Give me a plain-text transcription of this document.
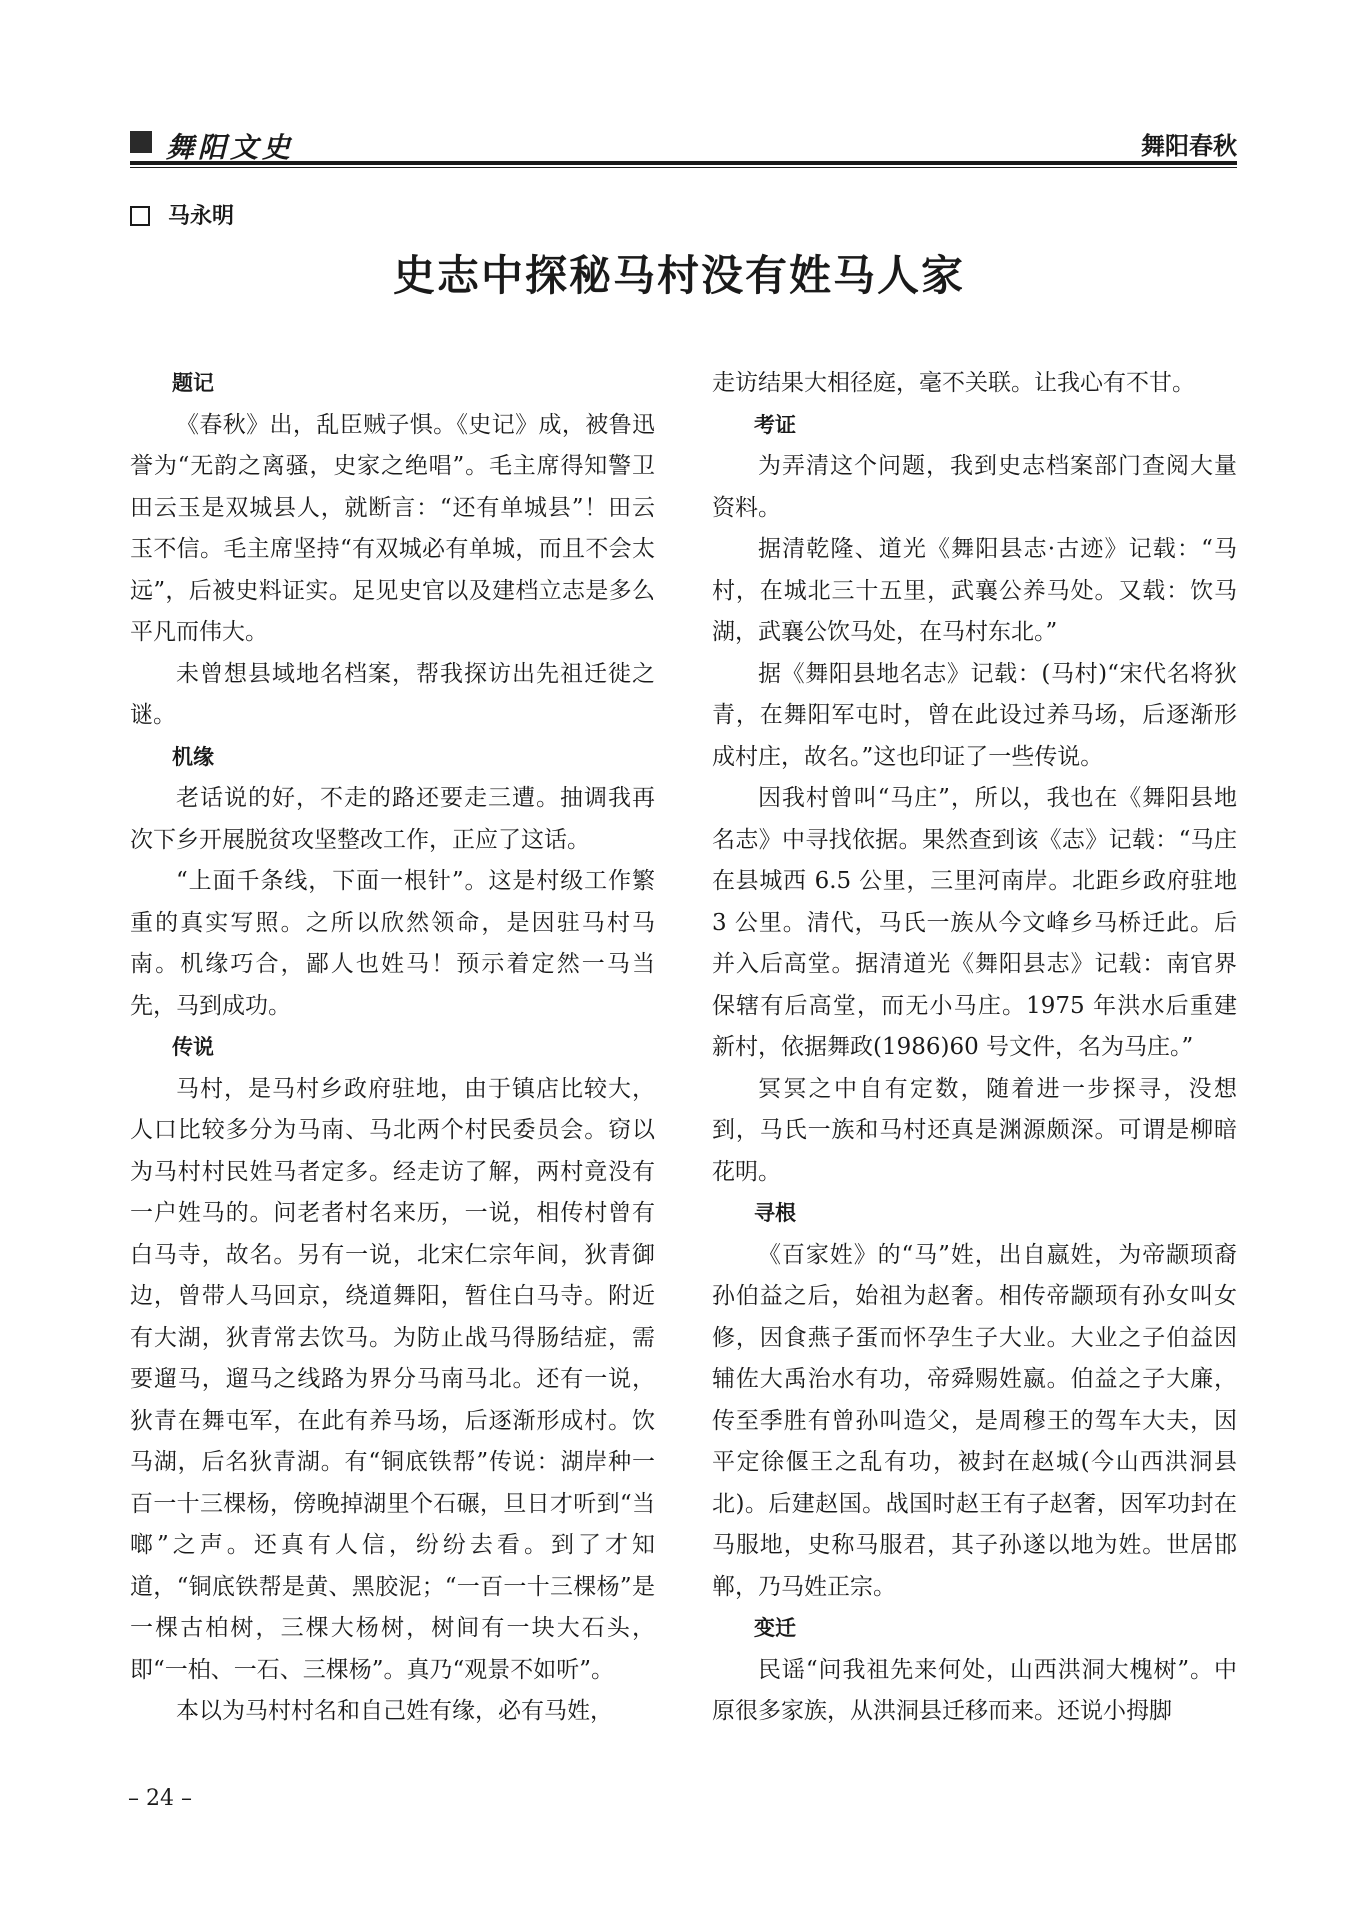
舞阳文史	舞阳春秋
马永明
史志中探秘马村没有姓马人家
题记

《春秋》出，乱臣贼子惧。《史记》成，被鲁迅誉为“无韵之离骚，史家之绝唱”。毛主席得知警卫田云玉是双城县人，就断言：“还有单城县”！田云玉不信。毛主席坚持“有双城必有单城，而且不会太远”，后被史料证实。足见史官以及建档立志是多么平凡而伟大。

未曾想县域地名档案，帮我探访出先祖迁徙之谜。

机缘

老话说的好，不走的路还要走三遭。抽调我再次下乡开展脱贫攻坚整改工作，正应了这话。

“上面千条线，下面一根针”。这是村级工作繁重的真实写照。之所以欣然领命，是因驻马村马南。机缘巧合，鄙人也姓马！预示着定然一马当先，马到成功。

传说

马村，是马村乡政府驻地，由于镇店比较大，人口比较多分为马南、马北两个村民委员会。窃以为马村村民姓马者定多。经走访了解，两村竟没有一户姓马的。问老者村名来历，一说，相传村曾有白马寺，故名。另有一说，北宋仁宗年间，狄青御边，曾带人马回京，绕道舞阳，暂住白马寺。附近有大湖，狄青常去饮马。为防止战马得肠结症，需要遛马，遛马之线路为界分马南马北。还有一说，狄青在舞屯军，在此有养马场，后逐渐形成村。饮马湖，后名狄青湖。有“铜底铁帮”传说：湖岸种一百一十三棵杨，傍晚掉湖里个石碾，旦日才听到“当啷”之声。还真有人信，纷纷去看。到了才知道，“铜底铁帮是黄、黑胶泥；“一百一十三棵杨”是一棵古柏树，三棵大杨树，树间有一块大石头，即“一柏、一石、三棵杨”。真乃“观景不如听”。

本以为马村村名和自己姓有缘，必有马姓，

走访结果大相径庭，毫不关联。让我心有不甘。

考证

为弄清这个问题，我到史志档案部门查阅大量资料。

据清乾隆、道光《舞阳县志·古迹》记载：“马村，在城北三十五里，武襄公养马处。又载：饮马湖，武襄公饮马处，在马村东北。”

据《舞阳县地名志》记载：(马村)“宋代名将狄青，在舞阳军屯时，曾在此设过养马场，后逐渐形成村庄，故名。”这也印证了一些传说。

因我村曾叫“马庄”，所以，我也在《舞阳县地名志》中寻找依据。果然查到该《志》记载：“马庄在县城西 6.5 公里，三里河南岸。北距乡政府驻地 3 公里。清代，马氏一族从今文峰乡马桥迁此。后并入后高堂。据清道光《舞阳县志》记载：南官界保辖有后高堂，而无小马庄。1975 年洪水后重建新村，依据舞政(1986)60 号文件，名为马庄。”

冥冥之中自有定数，随着进一步探寻，没想到，马氏一族和马村还真是渊源颇深。可谓是柳暗花明。

寻根

《百家姓》的“马”姓，出自嬴姓，为帝颛顼裔孙伯益之后，始祖为赵奢。相传帝颛顼有孙女叫女修，因食燕子蛋而怀孕生子大业。大业之子伯益因辅佐大禹治水有功，帝舜赐姓嬴。伯益之子大廉，传至季胜有曾孙叫造父，是周穆王的驾车大夫，因平定徐偃王之乱有功，被封在赵城(今山西洪洞县北)。后建赵国。战国时赵王有子赵奢，因军功封在马服地，史称马服君，其子孙遂以地为姓。世居邯郸，乃马姓正宗。

变迁

民谣“问我祖先来何处，山西洪洞大槐树”。中原很多家族，从洪洞县迁移而来。还说小拇脚

– 24 –
